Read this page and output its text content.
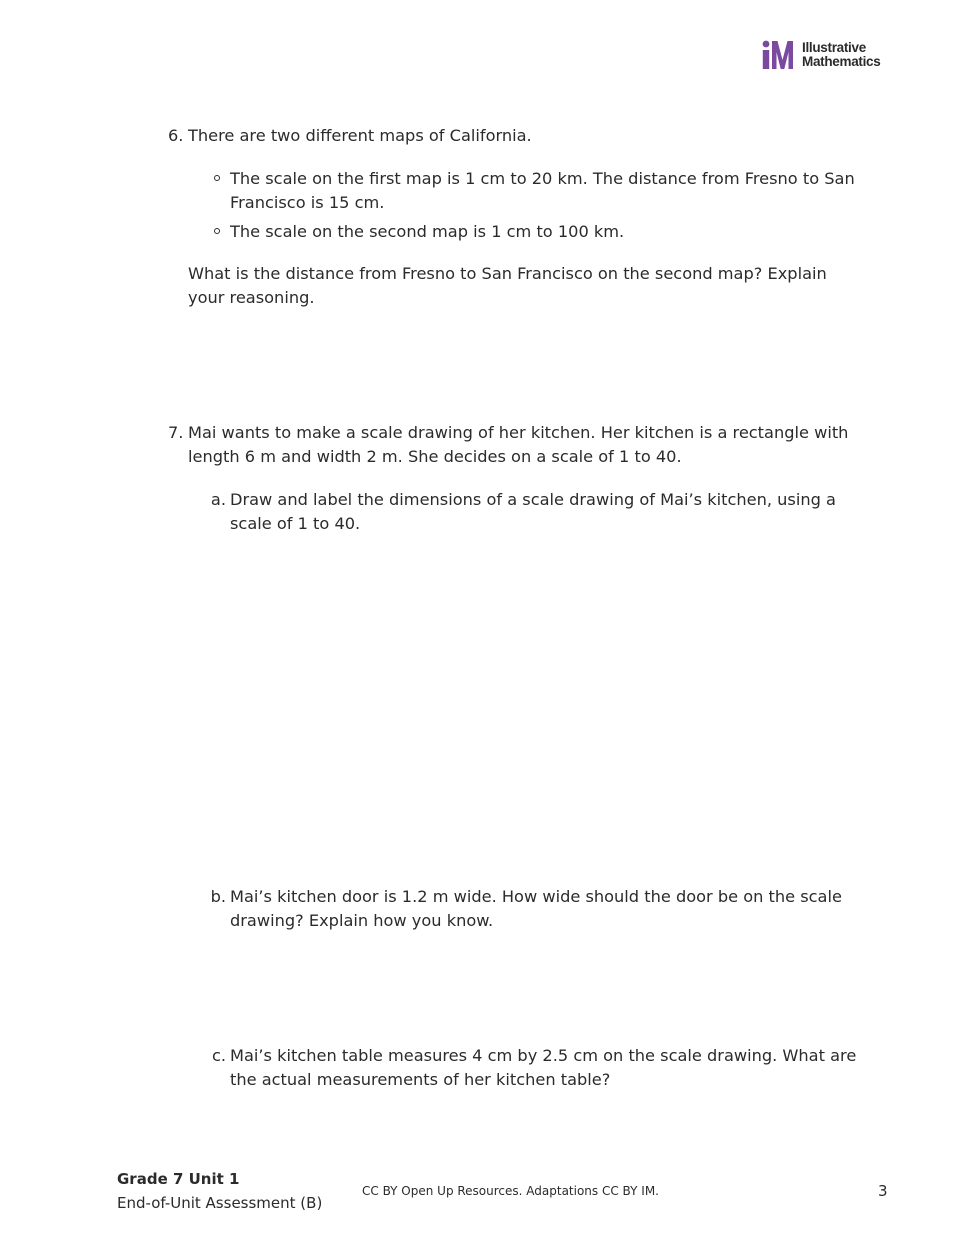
Illustrative
Mathematics
6. There are two different maps of California.
The scale on the first map is 1 cm to 20 km. The distance from Fresno to San Francisco is 15 cm.
The scale on the second map is 1 cm to 100 km.
What is the distance from Fresno to San Francisco on the second map? Explain your reasoning.
7. Mai wants to make a scale drawing of her kitchen. Her kitchen is a rectangle with length 6 m and width 2 m. She decides on a scale of 1 to 40.
a. Draw and label the dimensions of a scale drawing of Mai’s kitchen, using a scale of 1 to 40.
b. Mai’s kitchen door is 1.2 m wide. How wide should the door be on the scale drawing? Explain how you know.
c. Mai’s kitchen table measures 4 cm by 2.5 cm on the scale drawing. What are the actual measurements of her kitchen table?
Grade 7 Unit 1
End-of-Unit Assessment (B)
CC BY Open Up Resources. Adaptations CC BY IM.	3
